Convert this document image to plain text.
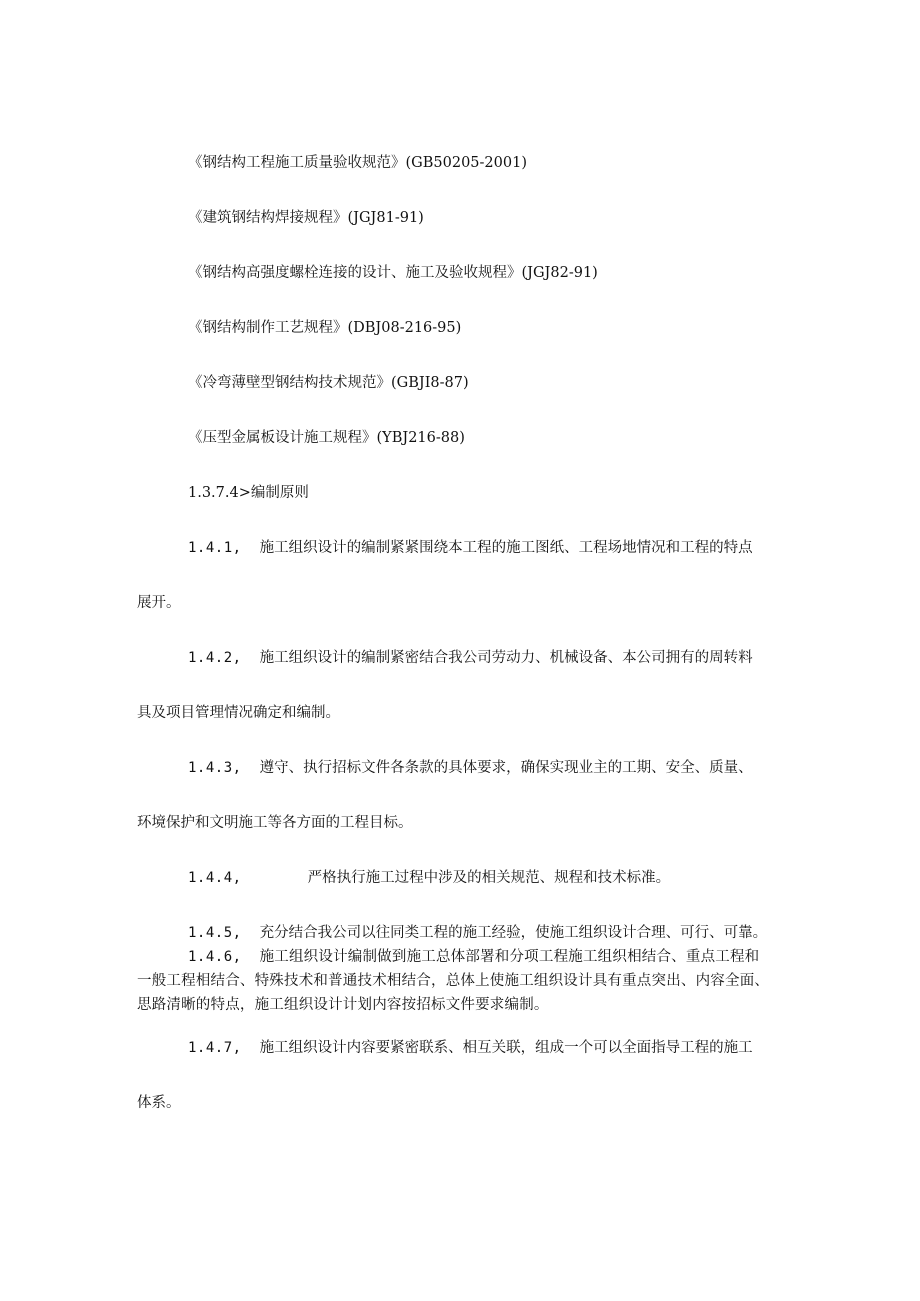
《钢结构工程施工质量验收规范》(GB50205-2001)

《建筑钢结构焊接规程》(JGJ81-91)

《钢结构高强度螺栓连接的设计、施工及验收规程》(JGJ82-91)

《钢结构制作工艺规程》(DBJ08-216-95)

《冷弯薄壁型钢结构技术规范》(GBJI8-87)

《压型金属板设计施工规程》(YBJ216-88)

1.3.7.4>编制原则

1.4.1, 施工组织设计的编制紧紧围绕本工程的施工图纸、工程场地情况和工程的特点

展开。

1.4.2, 施工组织设计的编制紧密结合我公司劳动力、机械设备、本公司拥有的周转料

具及项目管理情况确定和编制。

1.4.3, 遵守、执行招标文件各条款的具体要求，确保实现业主的工期、安全、质量、

环境保护和文明施工等各方面的工程目标。

1.4.4,	严格执行施工过程中涉及的相关规范、规程和技术标准。

1.4.5, 充分结合我公司以往同类工程的施工经验，使施工组织设计合理、可行、可靠。

1.4.6, 施工组织设计编制做到施工总体部署和分项工程施工组织相结合、重点工程和

一般工程相结合、特殊技术和普通技术相结合，总体上使施工组织设计具有重点突出、内容全面、

思路清晰的特点，施工组织设计计划内容按招标文件要求编制。

1.4.7, 施工组织设计内容要紧密联系、相互关联，组成一个可以全面指导工程的施工

体系。
